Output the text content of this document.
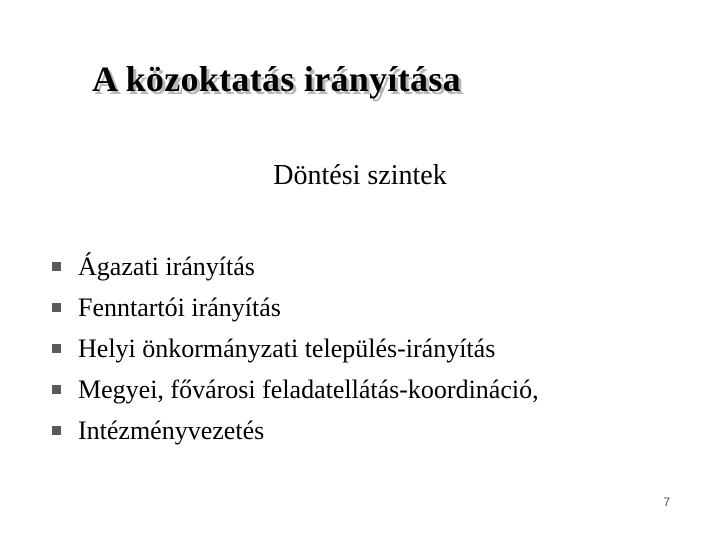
A közoktatás irányítása

Döntési szintek

Ágazati irányítás
Fenntartói irányítás
Helyi önkormányzati település-irányítás
Megyei, fővárosi feladatellátás-koordináció,
Intézményvezetés
7
